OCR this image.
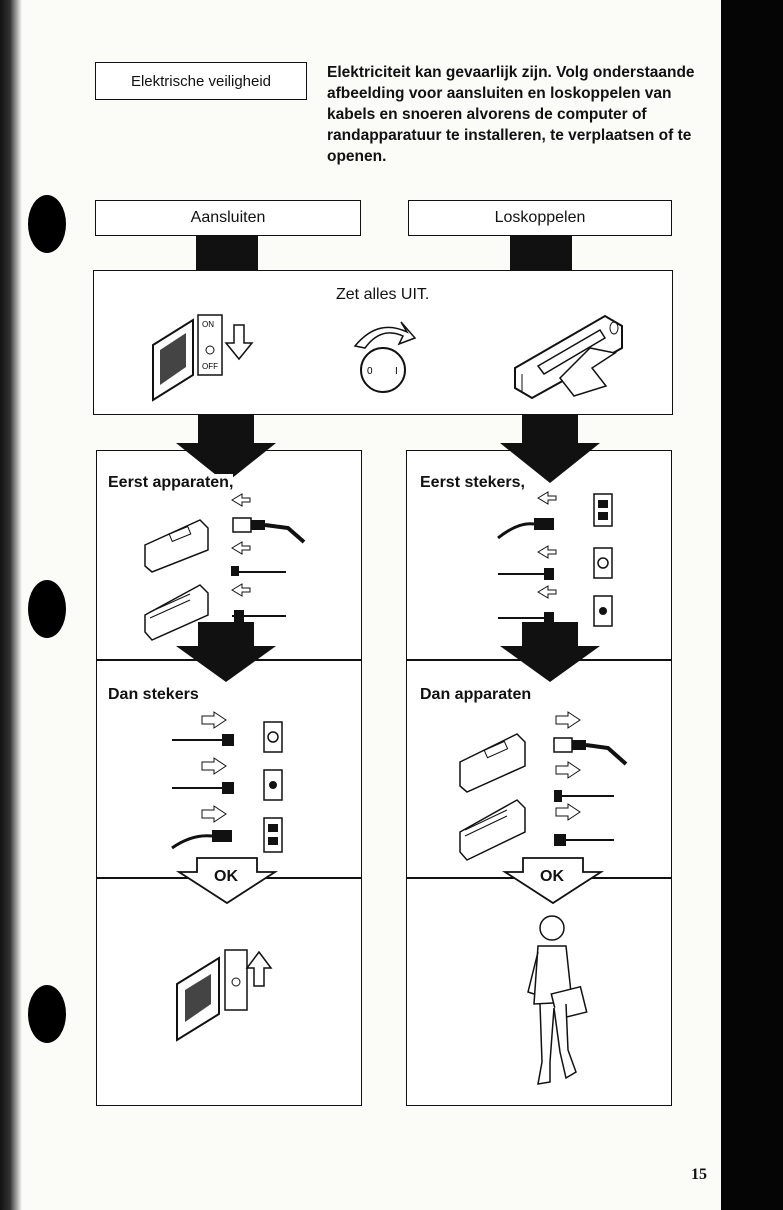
Elektrische veiligheid	Elektriciteit kan gevaarlijk zijn. Volg onderstaande afbeelding voor aansluiten en loskoppelen van kabels en snoeren alvorens de computer of randapparatuur te installeren, te verplaatsen of te openen.
Aansluiten	Loskoppelen
Zet alles UIT.
ON
OFF	0 I
OK	OK
Eerst apparaten,
Dan stekers
Eerst stekers,
Dan apparaten
15
